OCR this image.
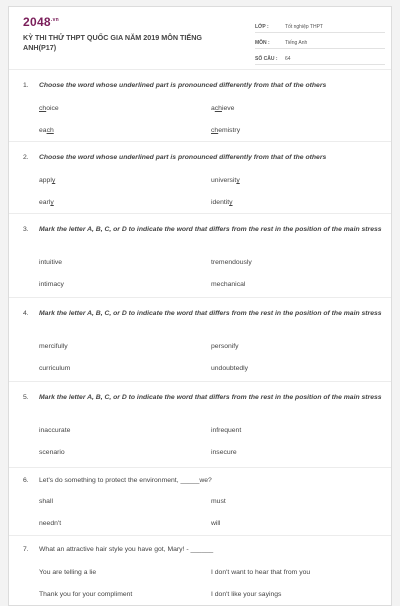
$2048^{.vn}$
KỲ THI THỬ THPT QUỐC GIA NĂM 2019 MÔN TIẾNG ANH(P17)
LỚP :	Tốt nghiệp THPT
MÔN :	Tiếng Anh
SỐ CÂU :	64
1.	Choose the word whose underlined part is pronounced differently from that of the others
choice	achieve
each	chemistry
2.	Choose the word whose underlined part is pronounced differently from that of the others
apply	university
early	identity
3.	Mark the letter A, B, C, or D to indicate the word that differs from the rest in the position of the main stress
intuitive	tremendously
intimacy	mechanical
4.	Mark the letter A, B, C, or D to indicate the word that differs from the rest in the position of the main stress
mercifully	personify
curriculum	undoubtedly
5.	Mark the letter A, B, C, or D to indicate the word that differs from the rest in the position of the main stress
inaccurate	infrequent
scenario	insecure
6.	Let's do something to protect the environment, _____we?
shall	must
needn't	will
7.	What an attractive hair style you have got, Mary! - ______
You are telling a lie	I don't want to hear that from you
Thank you for your compliment	I don't like your sayings
